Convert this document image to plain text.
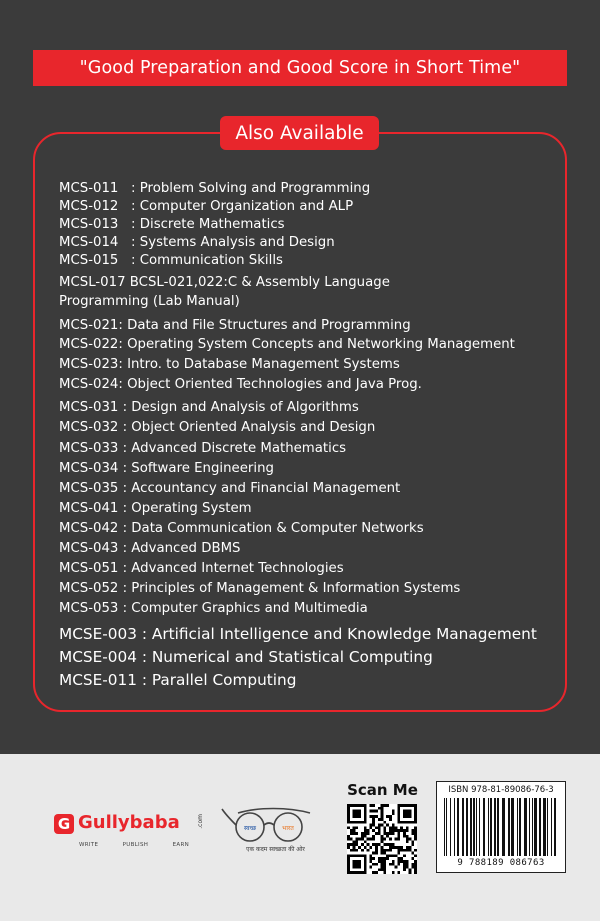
"Good Preparation and Good Score in Short Time"
Also Available
MCS-011   : Problem Solving and Programming
MCS-012   : Computer Organization and ALP
MCS-013   : Discrete Mathematics
MCS-014   : Systems Analysis and Design
MCS-015   : Communication Skills
MCSL-017 BCSL-021,022:C & Assembly Language
Programming (Lab Manual)
MCS-021: Data and File Structures and Programming
MCS-022: Operating System Concepts and Networking Management
MCS-023: Intro. to Database Management Systems
MCS-024: Object Oriented Technologies and Java Prog.
MCS-031 : Design and Analysis of Algorithms
MCS-032 : Object Oriented Analysis and Design
MCS-033 : Advanced Discrete Mathematics
MCS-034 : Software Engineering
MCS-035 : Accountancy and Financial Management
MCS-041 : Operating System
MCS-042 : Data Communication & Computer Networks
MCS-043 : Advanced DBMS
MCS-051 : Advanced Internet Technologies
MCS-052 : Principles of Management & Information Systems
MCS-053 : Computer Graphics and Multimedia
MCSE-003 : Artificial Intelligence and Knowledge Management
MCSE-004 : Numerical and Statistical Computing
MCSE-011 : Parallel Computing
G Gullybaba	.com
WRITE	PUBLISH	EARN
स्वच्छ	भारत
एक कदम स्वच्छता की ओर
Scan Me	ISBN 978-81-89086-76-3
9 788189 086763
